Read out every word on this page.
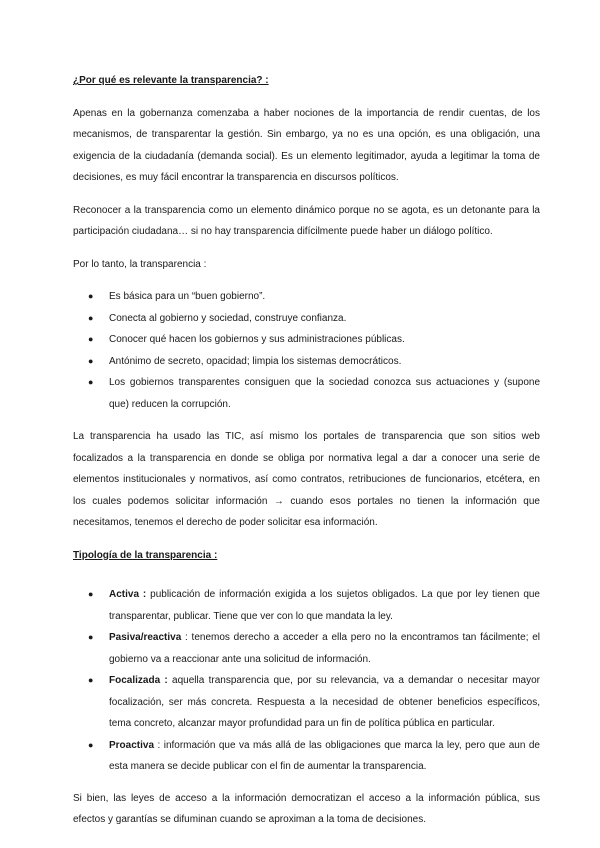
¿Por qué es relevante la transparencia? :

Apenas en la gobernanza comenzaba a haber nociones de la importancia de rendir cuentas, de los mecanismos, de transparentar la gestión. Sin embargo, ya no es una opción, es una obligación, una exigencia de la ciudadanía (demanda social). Es un elemento legitimador, ayuda a legitimar la toma de decisiones, es muy fácil encontrar la transparencia en discursos políticos.

Reconocer a la transparencia como un elemento dinámico porque no se agota, es un detonante para la participación ciudadana… si no hay transparencia difícilmente puede haber un diálogo político.

Por lo tanto, la transparencia :

● Es básica para un “buen gobierno”.
● Conecta al gobierno y sociedad, construye confianza.
● Conocer qué hacen los gobiernos y sus administraciones públicas.
● Antónimo de secreto, opacidad; limpia los sistemas democráticos.
● Los gobiernos transparentes consiguen que la sociedad conozca sus actuaciones y (supone que) reducen la corrupción.

La transparencia ha usado las TIC, así mismo los portales de transparencia que son sitios web focalizados a la transparencia en donde se obliga por normativa legal a dar a conocer una serie de elementos institucionales y normativos, así como contratos, retribuciones de funcionarios, etcétera, en los cuales podemos solicitar información → cuando esos portales no tienen la información que necesitamos, tenemos el derecho de poder solicitar esa información.

Tipología de la transparencia :
● Activa : publicación de información exigida a los sujetos obligados. La que por ley tienen que transparentar, publicar. Tiene que ver con lo que mandata la ley.
● Pasiva/reactiva : tenemos derecho a acceder a ella pero no la encontramos tan fácilmente; el gobierno va a reaccionar ante una solicitud de información.
● Focalizada : aquella transparencia que, por su relevancia, va a demandar o necesitar mayor focalización, ser más concreta. Respuesta a la necesidad de obtener beneficios específicos, tema concreto, alcanzar mayor profundidad para un fin de política pública en particular.
● Proactiva : información que va más allá de las obligaciones que marca la ley, pero que aun de esta manera se decide publicar con el fin de aumentar la transparencia.

Si bien, las leyes de acceso a la información democratizan el acceso a la información pública, sus efectos y garantías se difuminan cuando se aproximan a la toma de decisiones.
